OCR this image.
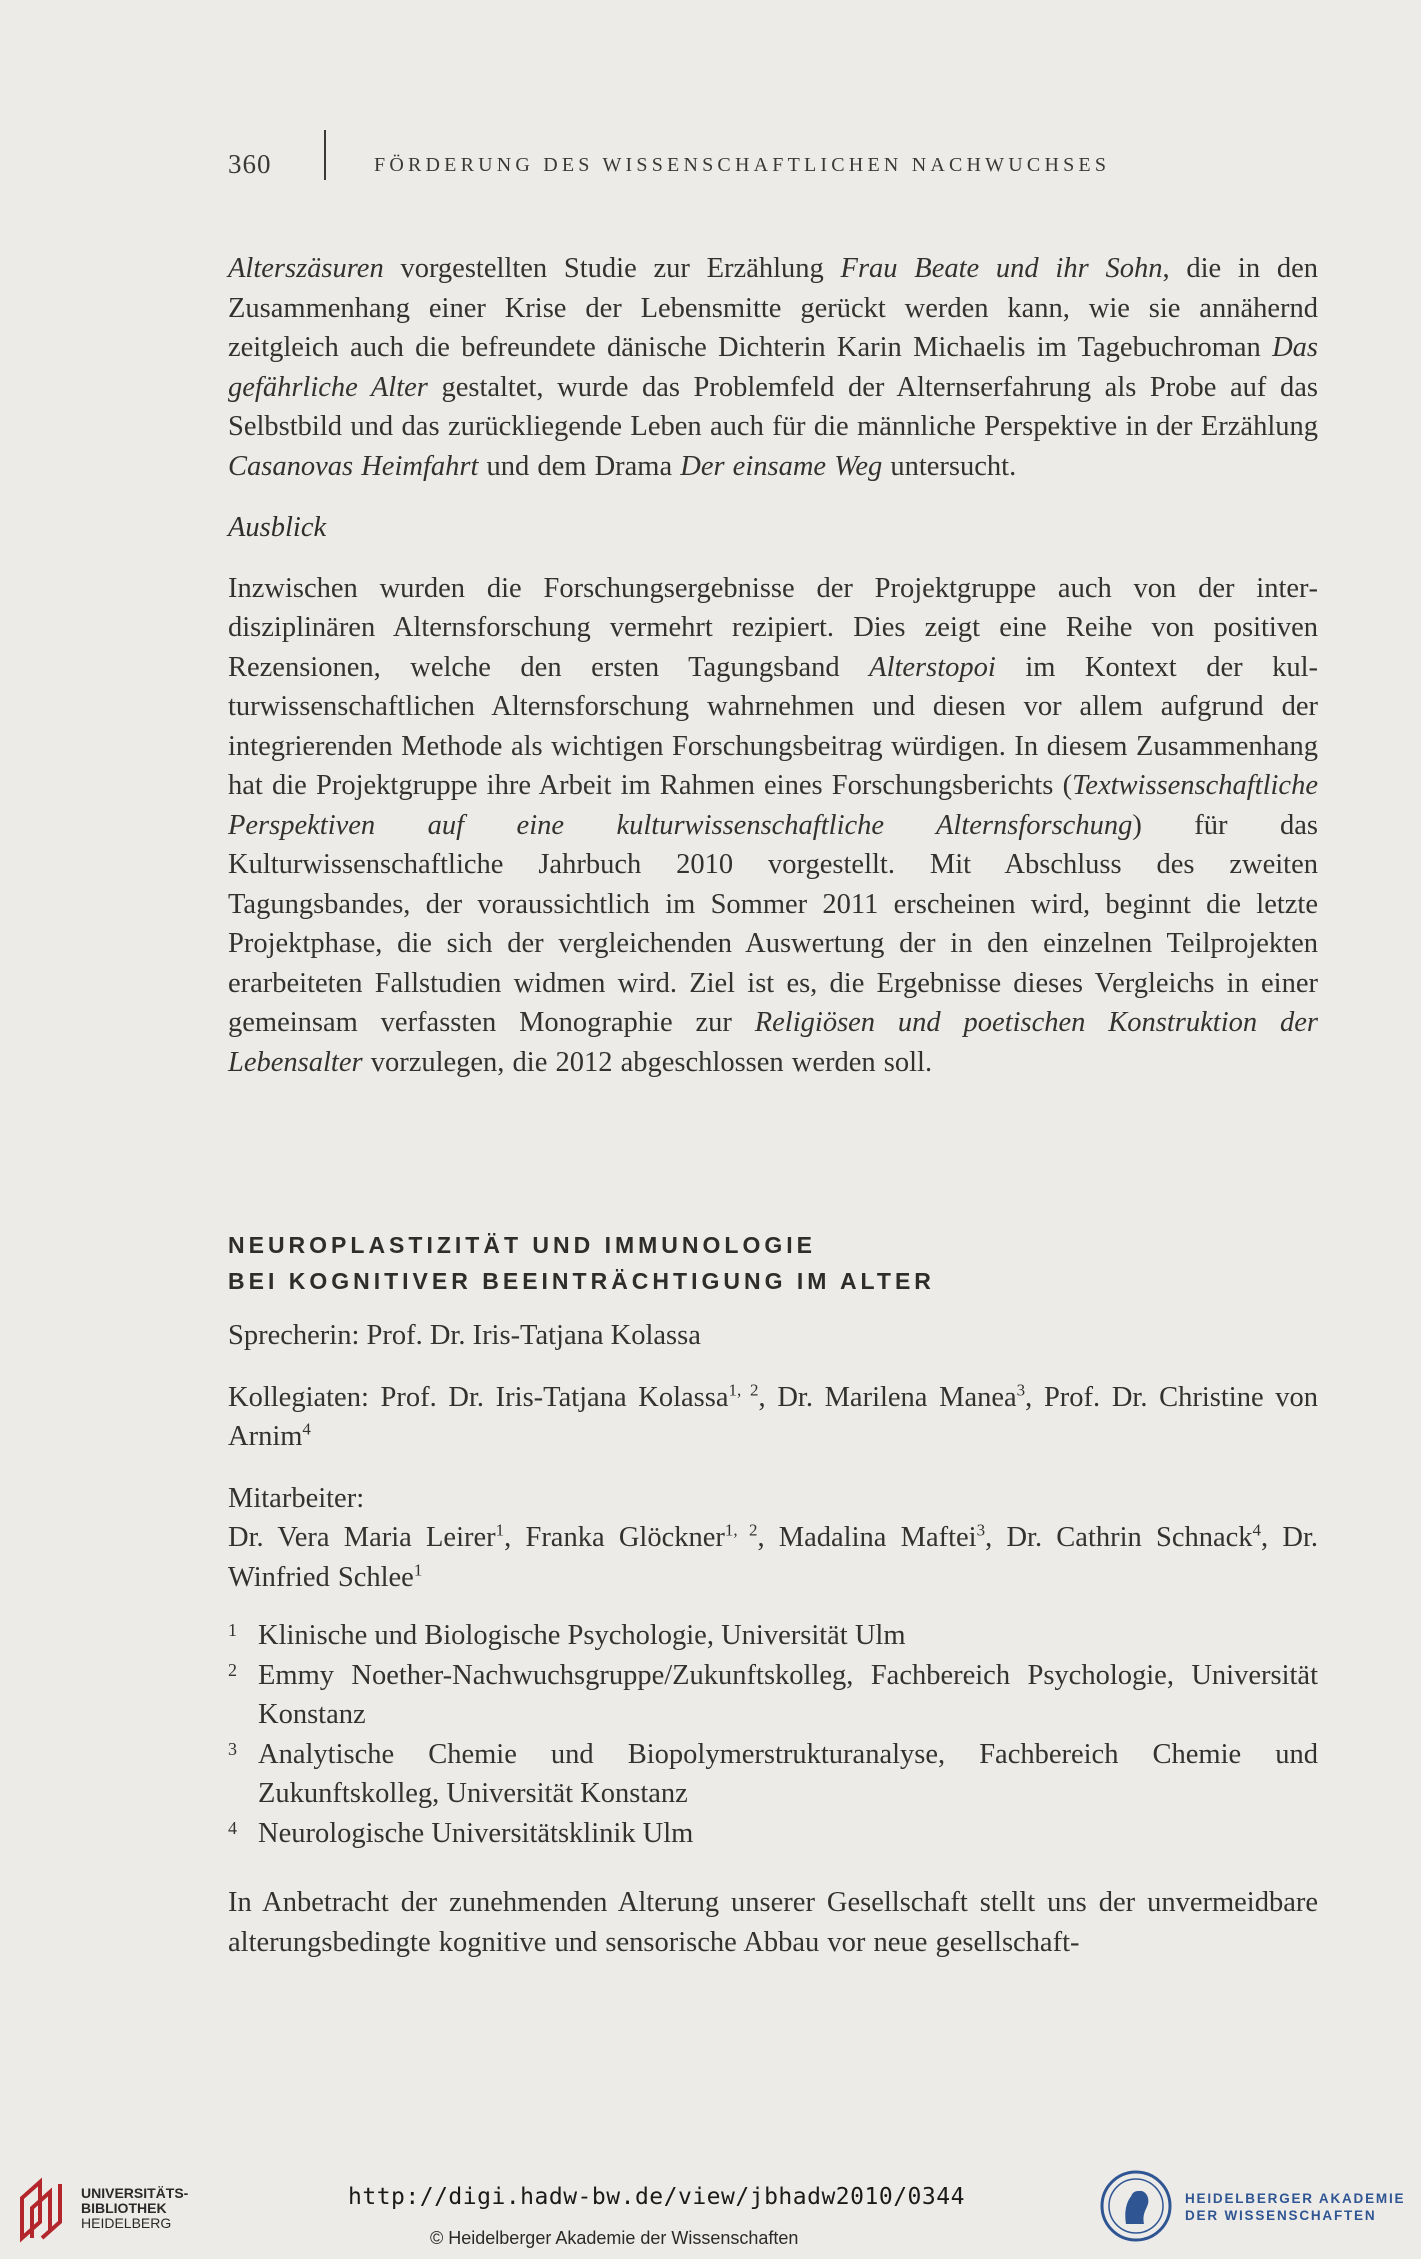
360	FÖRDERUNG DES WISSENSCHAFTLICHEN NACHWUCHSES

Alterszäsuren vorgestellten Studie zur Erzählung Frau Beate und ihr Sohn, die in den Zusammenhang einer Krise der Lebensmitte gerückt werden kann, wie sie annähernd zeitgleich auch die befreundete dänische Dichterin Karin Michaelis im Tagebuchroman Das gefährliche Alter gestaltet, wurde das Problemfeld der Alternserfahrung als Probe auf das Selbstbild und das zurückliegende Leben auch für die männliche Perspektive in der Erzählung Casanovas Heimfahrt und dem Drama Der einsame Weg untersucht.

Ausblick

Inzwischen wurden die Forschungsergebnisse der Projektgruppe auch von der interdisziplinären Alternsforschung vermehrt rezipiert. Dies zeigt eine Reihe von positiven Rezensionen, welche den ersten Tagungsband Alterstopoi im Kontext der kulturwissenschaftlichen Alternsforschung wahrnehmen und diesen vor allem aufgrund der integrierenden Methode als wichtigen Forschungsbeitrag würdigen. In diesem Zusammenhang hat die Projektgruppe ihre Arbeit im Rahmen eines Forschungsberichts (Textwissenschaftliche Perspektiven auf eine kulturwissenschaftliche Alternsforschung) für das Kulturwissenschaftliche Jahrbuch 2010 vorgestellt. Mit Abschluss des zweiten Tagungsbandes, der voraussichtlich im Sommer 2011 erscheinen wird, beginnt die letzte Projektphase, die sich der vergleichenden Auswertung der in den einzelnen Teilprojekten erarbeiteten Fallstudien widmen wird. Ziel ist es, die Ergebnisse dieses Vergleichs in einer gemeinsam verfassten Monographie zur Religiösen und poetischen Konstruktion der Lebensalter vorzulegen, die 2012 abgeschlossen werden soll.

NEUROPLASTIZITÄT UND IMMUNOLOGIE
BEI KOGNITIVER BEEINTRÄCHTIGUNG IM ALTER
Sprecherin: Prof. Dr. Iris-Tatjana Kolassa

Kollegiaten: Prof. Dr. Iris-Tatjana Kolassa$^{1, 2}$, Dr. Marilena Manea$^3$, Prof. Dr. Christine von Arnim$^4$

Mitarbeiter:

Dr. Vera Maria Leirer$^1$, Franka Glöckner$^{1, 2}$, Madalina Maftei$^3$, Dr. Cathrin Schnack$^4$, Dr. Winfried Schlee$^1$

1 Klinische und Biologische Psychologie, Universität Ulm
2 Emmy Noether-Nachwuchsgruppe/Zukunftskolleg, Fachbereich Psychologie, Universität Konstanz
3 Analytische Chemie und Biopolymerstrukturanalyse, Fachbereich Chemie und Zukunftskolleg, Universität Konstanz
4 Neurologische Universitätsklinik Ulm

In Anbetracht der zunehmenden Alterung unserer Gesellschaft stellt uns der unvermeidbare alterungsbedingte kognitive und sensorische Abbau vor neue gesellschaft-

UNIVERSITÄTS-
BIBLIOTHEK
HEIDELBERG
http://digi.hadw-bw.de/view/jbhadw2010/0344
© Heidelberger Akademie der Wissenschaften
HEIDELBERGER AKADEMIE
DER WISSENSCHAFTEN
